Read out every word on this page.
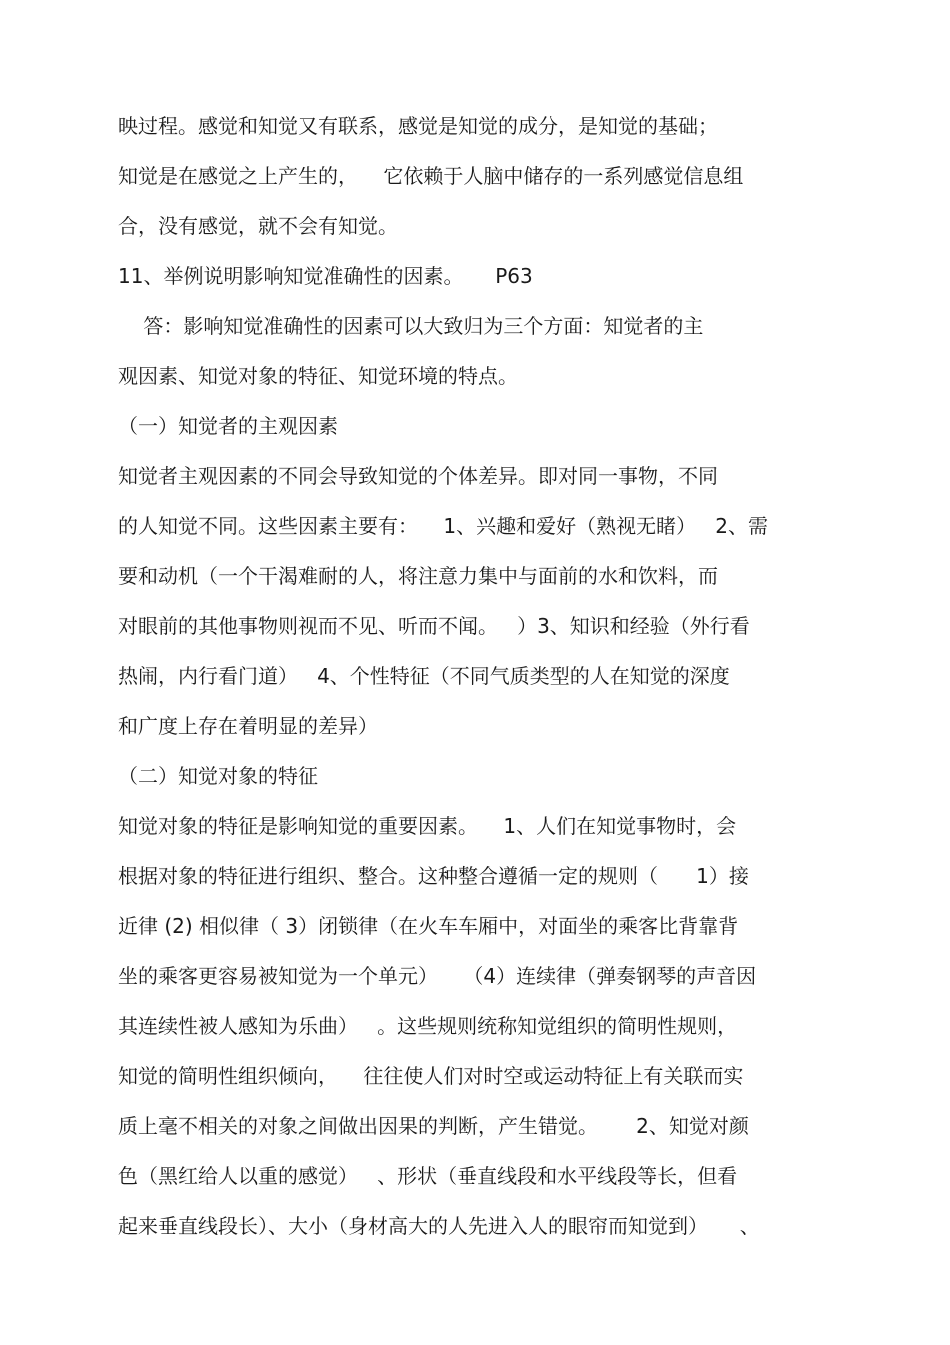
映过程。感觉和知觉又有联系，感觉是知觉的成分，是知觉的基础；
知觉是在感觉之上产生的，    它依赖于人脑中储存的一系列感觉信息组
合，没有感觉，就不会有知觉。
11、举例说明影响知觉准确性的因素。     P63
答：影响知觉准确性的因素可以大致归为三个方面：知觉者的主
观因素、知觉对象的特征、知觉环境的特点。
（一）知觉者的主观因素
知觉者主观因素的不同会导致知觉的个体差异。即对同一事物，不同
的人知觉不同。这些因素主要有：    1、兴趣和爱好（熟视无睹）   2、需
要和动机（一个干渴难耐的人，将注意力集中与面前的水和饮料，而
对眼前的其他事物则视而不见、听而不闻。   ）3、知识和经验（外行看
热闹，内行看门道）   4、个性特征（不同气质类型的人在知觉的深度
和广度上存在着明显的差异）
（二）知觉对象的特征
知觉对象的特征是影响知觉的重要因素。    1、人们在知觉事物时，会
根据对象的特征进行组织、整合。这种整合遵循一定的规则（      1）接
近律 (2) 相似律（ 3）闭锁律（在火车车厢中，对面坐的乘客比背靠背
坐的乘客更容易被知觉为一个单元）    （4）连续律（弹奏钢琴的声音因
其连续性被人感知为乐曲）   。这些规则统称知觉组织的简明性规则，
知觉的简明性组织倾向，    往往使人们对时空或运动特征上有关联而实
质上毫不相关的对象之间做出因果的判断，产生错觉。      2、知觉对颜
色（黑红给人以重的感觉）   、形状（垂直线段和水平线段等长，但看
起来垂直线段长）、大小（身材高大的人先进入人的眼帘而知觉到）     、
